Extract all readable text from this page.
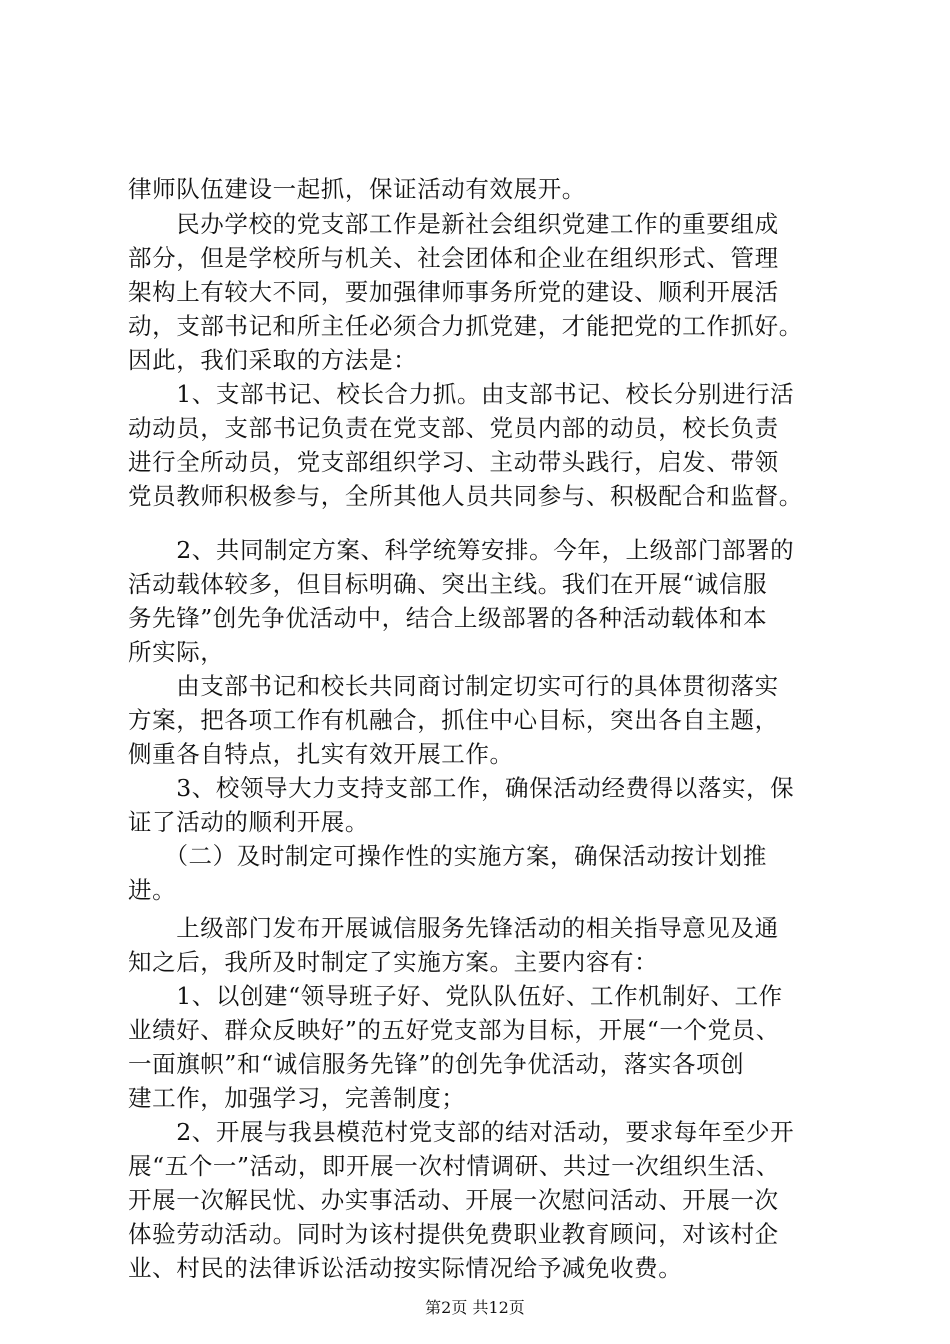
律师队伍建设一起抓，保证活动有效展开。
　　民办学校的党支部工作是新社会组织党建工作的重要组成
部分，但是学校所与机关、社会团体和企业在组织形式、管理
架构上有较大不同，要加强律师事务所党的建设、顺利开展活
动，支部书记和所主任必须合力抓党建，才能把党的工作抓好。
因此，我们采取的方法是：
　　1、支部书记、校长合力抓。由支部书记、校长分别进行活
动动员，支部书记负责在党支部、党员内部的动员，校长负责
进行全所动员，党支部组织学习、主动带头践行，启发、带领
党员教师积极参与，全所其他人员共同参与、积极配合和监督。
　　2、共同制定方案、科学统筹安排。今年，上级部门部署的
活动载体较多，但目标明确、突出主线。我们在开展“诚信服
务先锋”创先争优活动中，结合上级部署的各种活动载体和本
所实际，
　　由支部书记和校长共同商讨制定切实可行的具体贯彻落实
方案，把各项工作有机融合，抓住中心目标，突出各自主题，
侧重各自特点，扎实有效开展工作。
　　3、校领导大力支持支部工作，确保活动经费得以落实，保
证了活动的顺利开展。
　　（二）及时制定可操作性的实施方案，确保活动按计划推
进。
　　上级部门发布开展诚信服务先锋活动的相关指导意见及通
知之后，我所及时制定了实施方案。主要内容有：
　　1、以创建“领导班子好、党队队伍好、工作机制好、工作
业绩好、群众反映好”的五好党支部为目标，开展“一个党员、
一面旗帜”和“诚信服务先锋”的创先争优活动，落实各项创
建工作，加强学习，完善制度；
　　2、开展与我县模范村党支部的结对活动，要求每年至少开
展“五个一”活动，即开展一次村情调研、共过一次组织生活、
开展一次解民忧、办实事活动、开展一次慰问活动、开展一次
体验劳动活动。同时为该村提供免费职业教育顾问，对该村企
业、村民的法律诉讼活动按实际情况给予减免收费。
第2页 共12页
